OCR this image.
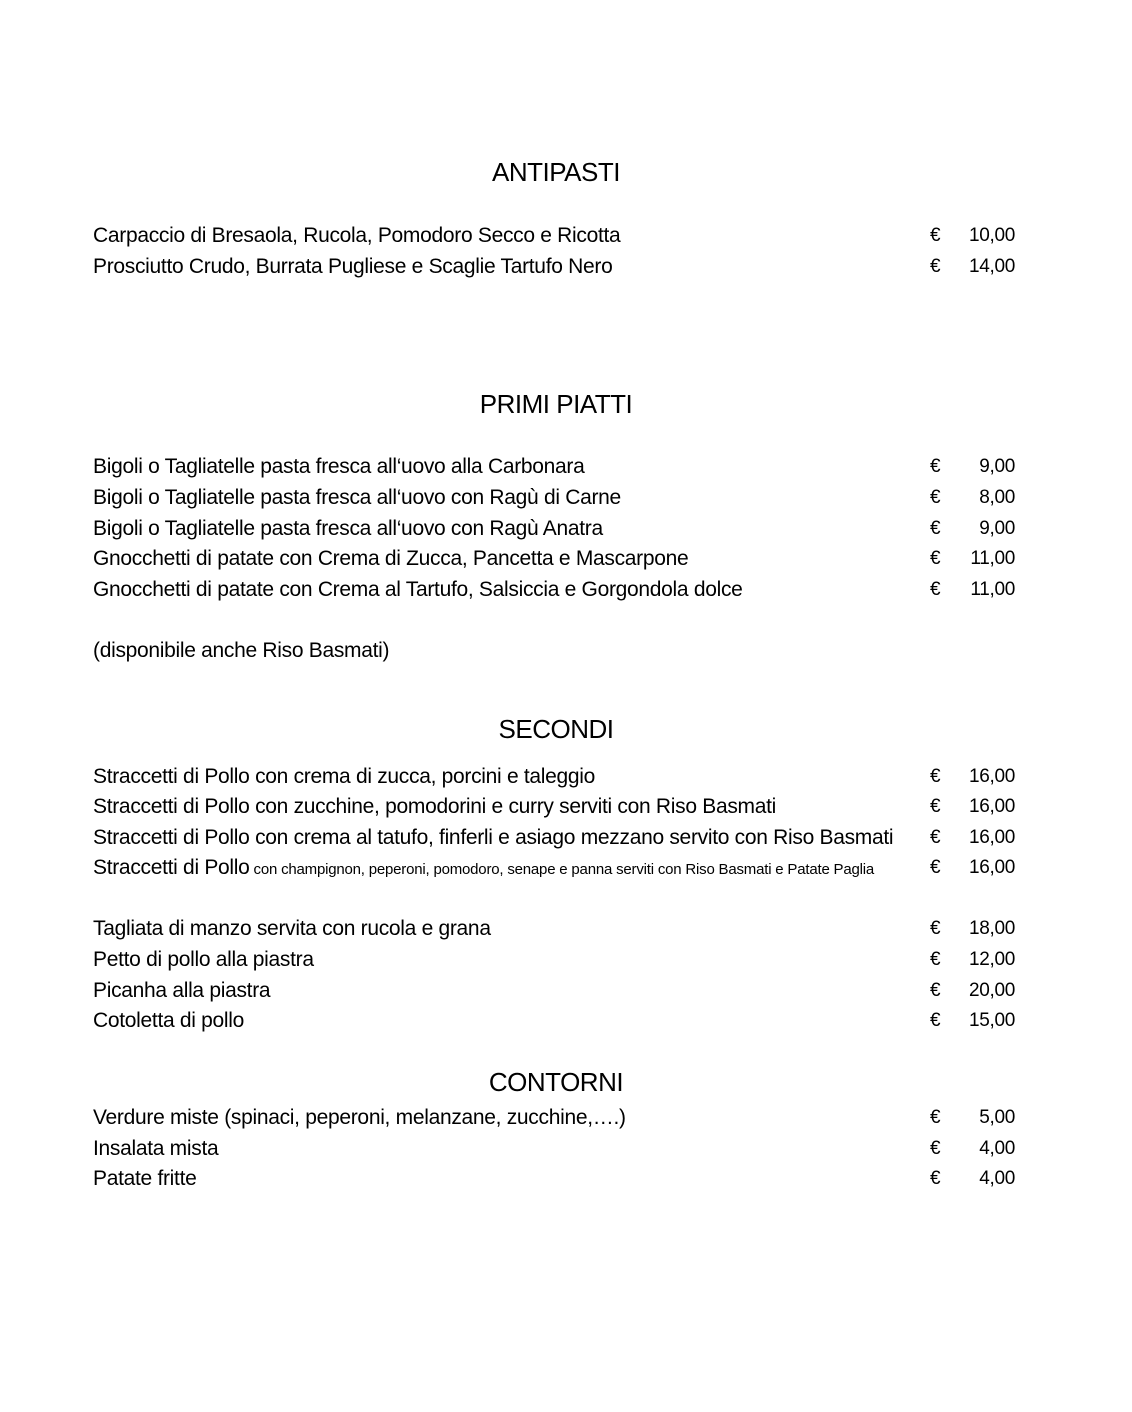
ANTIPASTI
Carpaccio di Bresaola, Rucola, Pomodoro Secco e Ricotta	€ 10,00
Prosciutto Crudo, Burrata Pugliese e Scaglie Tartufo Nero	€ 14,00
PRIMI PIATTI
Bigoli o Tagliatelle pasta fresca all‘uovo alla Carbonara	€ 9,00
Bigoli o Tagliatelle pasta fresca all‘uovo con Ragù di Carne	€ 8,00
Bigoli o Tagliatelle pasta fresca all‘uovo con Ragù Anatra	€ 9,00
Gnocchetti di patate con Crema di Zucca, Pancetta e Mascarpone	€ 11,00
Gnocchetti di patate con Crema al Tartufo, Salsiccia e Gorgondola dolce	€ 11,00
(disponibile anche Riso Basmati)
SECONDI
Straccetti di Pollo con crema di zucca, porcini e taleggio	€ 16,00
Straccetti di Pollo con zucchine, pomodorini e curry serviti con Riso Basmati	€ 16,00
Straccetti di Pollo con crema al tatufo, finferli e asiago mezzano servito con Riso Basmati € 16,00
Straccetti di Pollo con champignon, peperoni, pomodoro, senape e panna serviti con Riso Basmati e Patate Paglia	€ 16,00
Tagliata di manzo servita con rucola e grana	€ 18,00
Petto di pollo alla piastra	€ 12,00
Picanha alla piastra	€ 20,00
Cotoletta di pollo	€ 15,00
CONTORNI
Verdure miste (spinaci, peperoni, melanzane, zucchine,….)	€ 5,00
Insalata mista	€ 4,00
Patate fritte	€ 4,00
